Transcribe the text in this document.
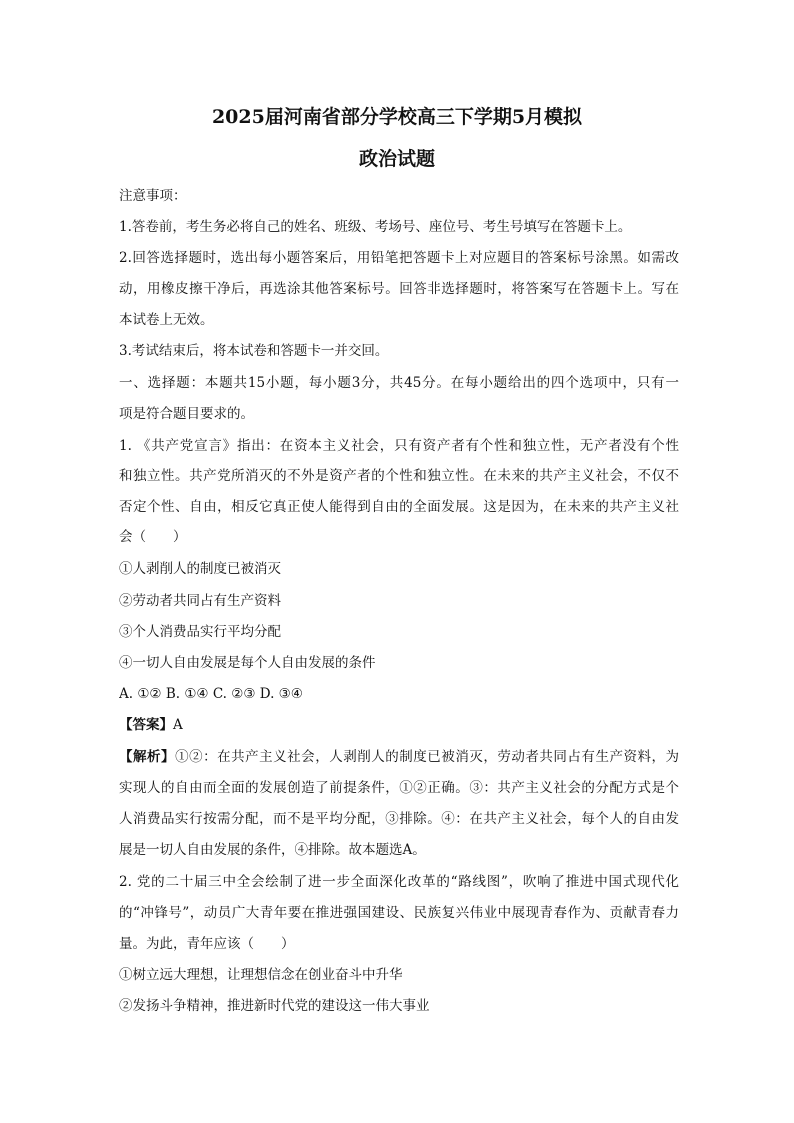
2025届河南省部分学校高三下学期5月模拟
政治试题
注意事项：
1.答卷前，考生务必将自己的姓名、班级、考场号、座位号、考生号填写在答题卡上。
2.回答选择题时，选出每小题答案后，用铅笔把答题卡上对应题目的答案标号涂黑。如需改
动，用橡皮擦干净后，再选涂其他答案标号。回答非选择题时，将答案写在答题卡上。写在
本试卷上无效。
3.考试结束后，将本试卷和答题卡一并交回。
一、选择题：本题共15小题，每小题3分，共45分。在每小题给出的四个选项中，只有一
项是符合题目要求的。
1. 《共产党宣言》指出：在资本主义社会，只有资产者有个性和独立性，无产者没有个性
和独立性。共产党所消灭的不外是资产者的个性和独立性。在未来的共产主义社会，不仅不
否定个性、自由，相反它真正使人能得到自由的全面发展。这是因为，在未来的共产主义社
会（　　）
①人剥削人的制度已被消灭
②劳动者共同占有生产资料
③个人消费品实行平均分配
④一切人自由发展是每个人自由发展的条件
A. ①② B. ①④ C. ②③ D. ③④
【答案】A
【解析】①②：在共产主义社会，人剥削人的制度已被消灭，劳动者共同占有生产资料，为
实现人的自由而全面的发展创造了前提条件，①②正确。③：共产主义社会的分配方式是个
人消费品实行按需分配，而不是平均分配，③排除。④：在共产主义社会，每个人的自由发
展是一切人自由发展的条件，④排除。故本题选A。
2. 党的二十届三中全会绘制了进一步全面深化改革的“路线图”，吹响了推进中国式现代化
的“冲锋号”，动员广大青年要在推进强国建设、民族复兴伟业中展现青春作为、贡献青春力
量。为此，青年应该（　　）
①树立远大理想，让理想信念在创业奋斗中升华
②发扬斗争精神，推进新时代党的建设这一伟大事业
